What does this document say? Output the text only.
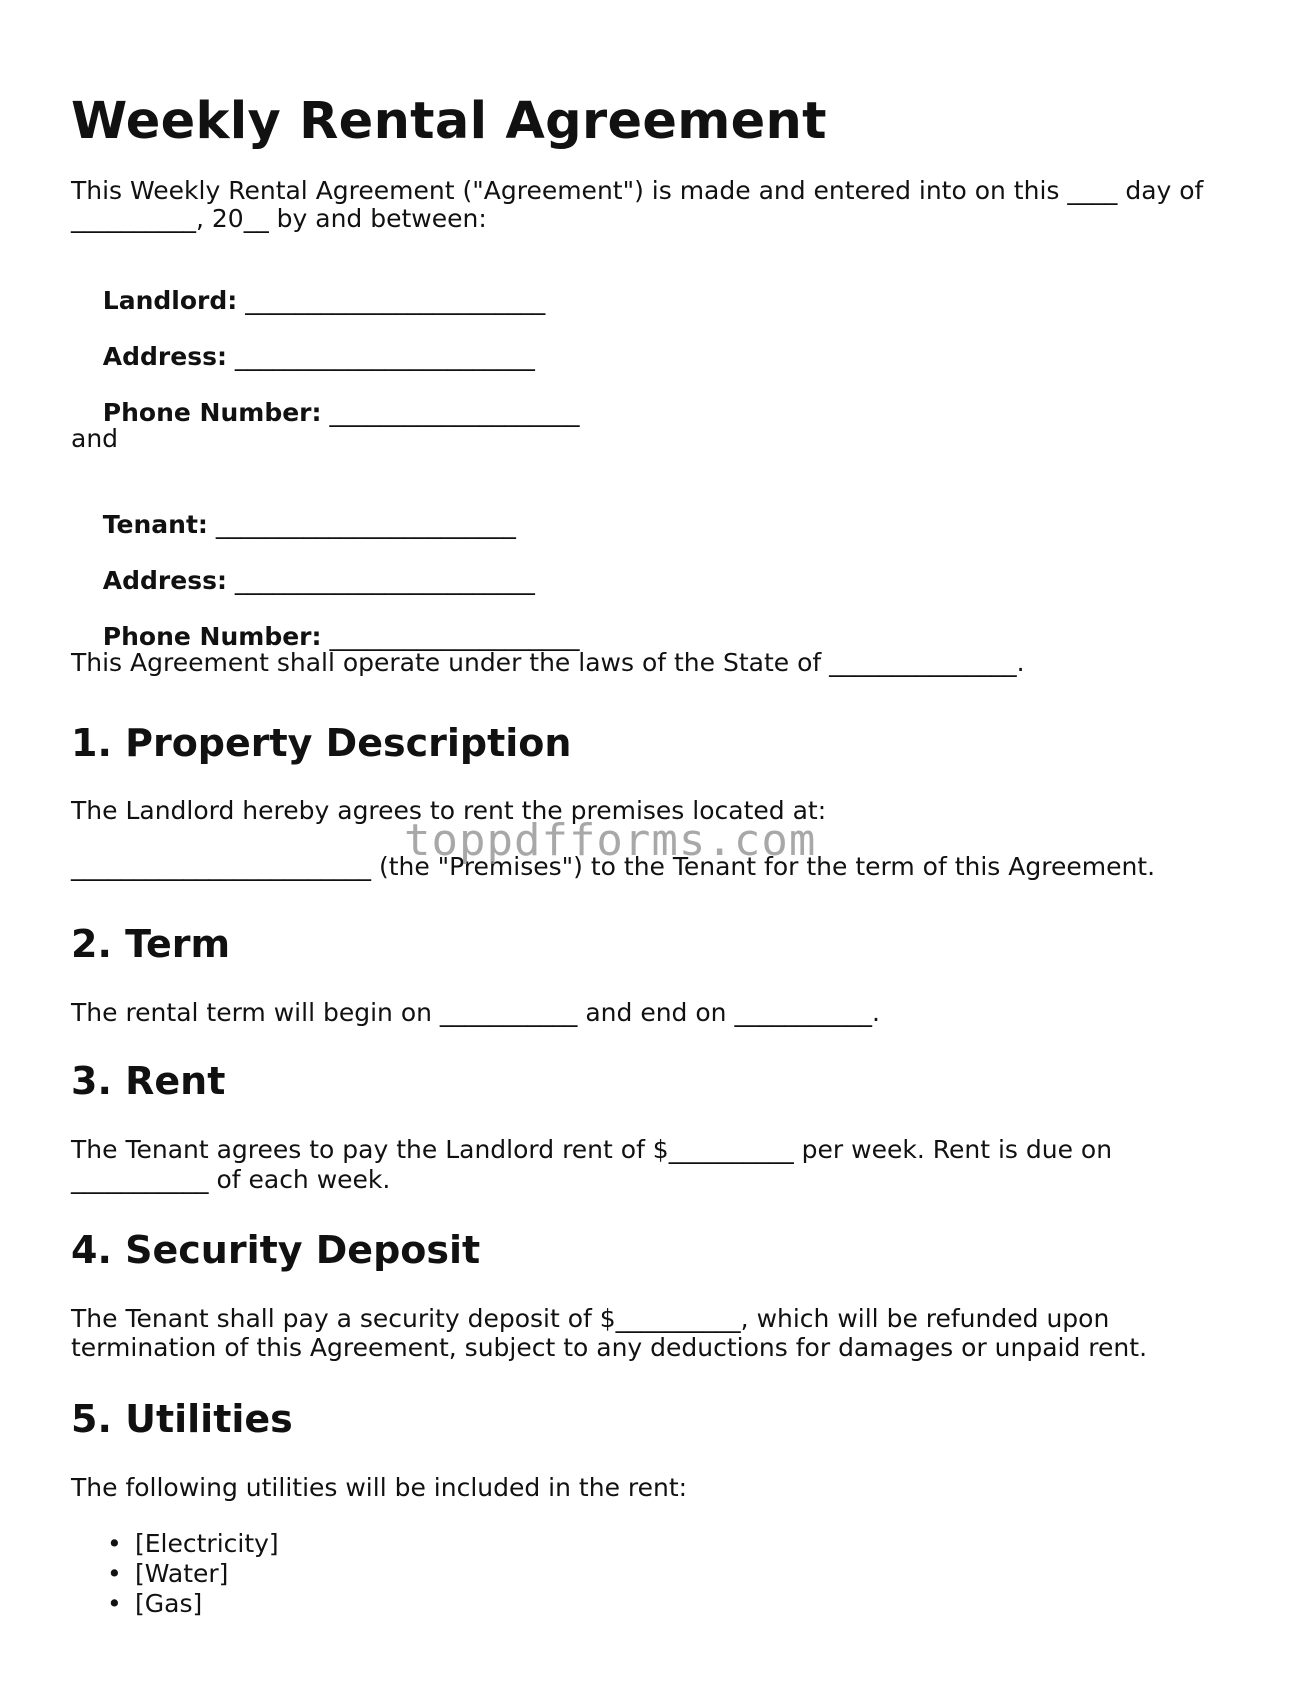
Weekly Rental Agreement

This Weekly Rental Agreement ("Agreement") is made and entered into on this ____ day of

__________, 20__ by and between:

Landlord: ________________________

Address: ________________________

Phone Number: ____________________

and

Tenant: ________________________

Address: ________________________

Phone Number: ____________________

This Agreement shall operate under the laws of the State of _______________.

1. Property Description

The Landlord hereby agrees to rent the premises located at:

________________________ (the "Premises") to the Tenant for the term of this Agreement.

2. Term

The rental term will begin on ___________ and end on ___________.

3. Rent

The Tenant agrees to pay the Landlord rent of $__________ per week. Rent is due on

___________ of each week.

4. Security Deposit

The Tenant shall pay a security deposit of $__________, which will be refunded upon

termination of this Agreement, subject to any deductions for damages or unpaid rent.

5. Utilities

The following utilities will be included in the rent:

• [Electricity]
• [Water]
• [Gas]
toppdfforms.com
